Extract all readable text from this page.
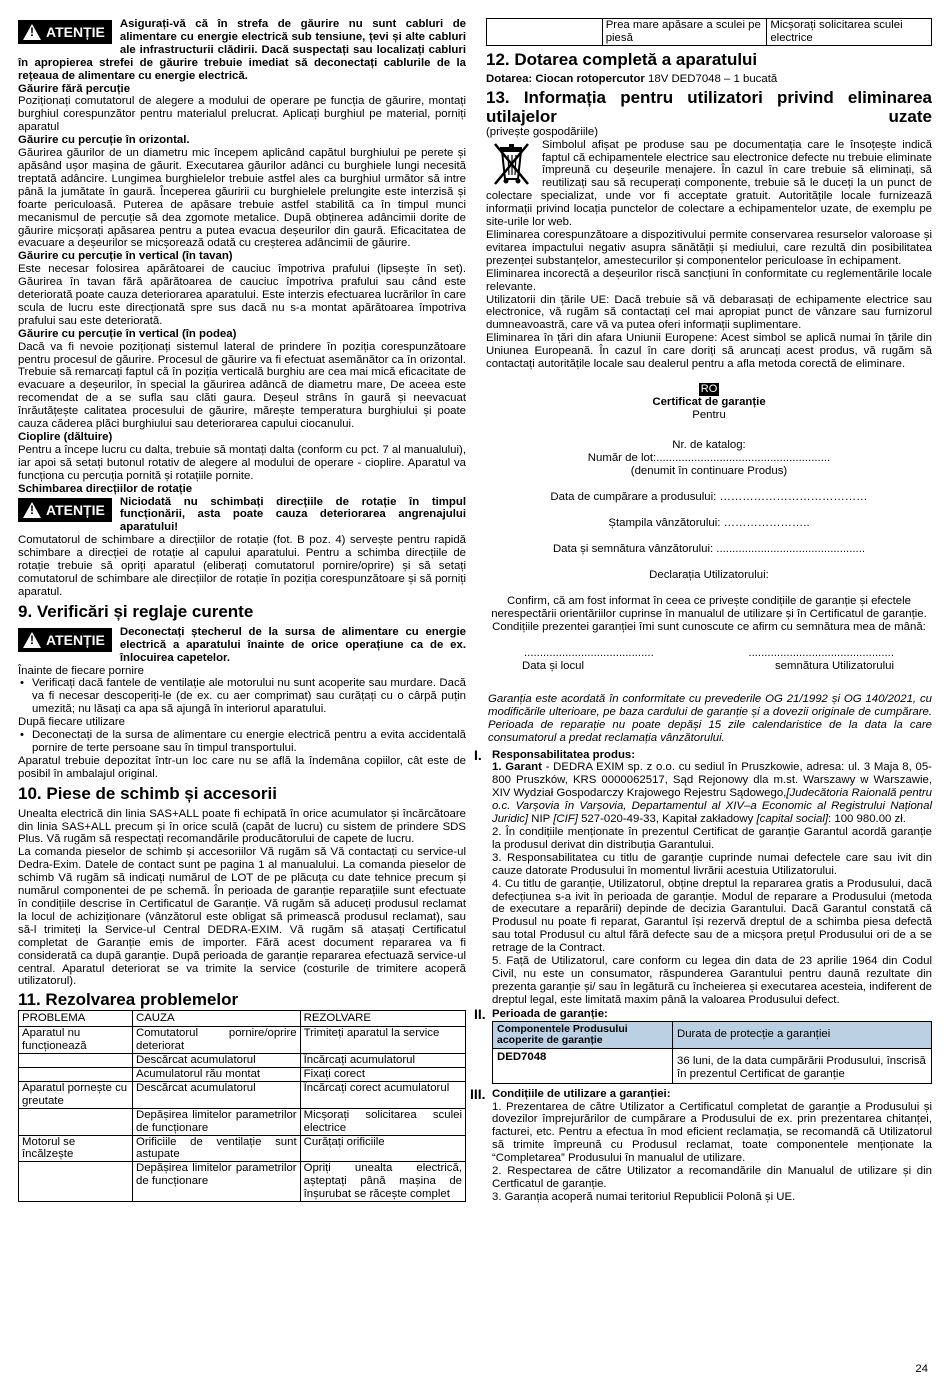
! ATENȚIE Asigurați-vă că în strefa de găurire nu sunt cabluri de alimentare cu energie electrică sub tensiune, țevi și alte cabluri ale infrastructurii clădirii. Dacă suspectați sau localizați cabluri în apropierea strefei de găurire trebuie imediat să deconectați cablurile de la rețeaua de alimentare cu energie electrică.
Găurire fără percuție
Poziționați comutatorul de alegere a modului de operare pe funcția de găurire, montați burghiul corespunzător pentru materialul prelucrat. Aplicați burghiul pe material, porniți aparatul
Găurire cu percuție în orizontal.
Găurirea găurilor de un diametru mic începem aplicând capătul burghiului pe perete și apăsând ușor mașina de găurit. Executarea găurilor adânci cu burghiele lungi necesită treptată adâncire. Lungimea burghielelor trebuie astfel ales ca burghiul următor să intre până la jumătate în gaură. Începerea găuririi cu burghielele prelungite este interzisă și foarte periculoasă. Puterea de apăsare trebuie astfel stabilită ca în timpul munci mecanismul de percuție să dea zgomote metalice. După obținerea adâncimii dorite de găurire micșorați apăsarea pentru a putea evacua deșeurilor din gaură. Eficacitatea de evacuare a deșeurilor se micșorează odată cu creșterea adâncimii de găurire.
Găurire cu percuție în vertical (în tavan)
Este necesar folosirea apărătoarei de cauciuc împotriva prafului (lipsește în set). Găurirea în tavan fără apărătoarea de cauciuc împotriva prafului sau când este deteriorată poate cauza deteriorarea aparatului. Este interzis efectuarea lucrărilor în care scula de lucru este direcționată spre sus dacă nu s-a montat apărătoarea împotriva prafului sau este deteriorată.
Găurire cu percuție în vertical (în podea)
Dacă va fi nevoie poziționați sistemul lateral de prindere în poziția corespunzătoare pentru procesul de găurire. Procesul de găurire va fi efectuat asemănător ca în orizontal. Trebuie să remarcați faptul că în poziția verticală burghiu are cea mai mică eficacitate de evacuare a deșeurilor, în special la găurirea adâncă de diametru mare, De aceea este recomendat de a se sufla sau clăti gaura. Deșeul strâns în gaură și neevacuat înrăutățește calitatea procesului de găurire, mărește temperatura burghiului și poate cauza căderea plăci burghiului sau deteriorarea capului ciocanului.
Cioplire (dăltuire)
Pentru a începe lucru cu dalta, trebuie să montați dalta (conform cu pct. 7 al manualului), iar apoi să setați butonul rotativ de alegere al modului de operare - cioplire. Aparatul va funcționa cu percuția pornită și rotațiile pornite.
Schimbarea direcțiilor de rotație
! ATENȚIE Niciodată nu schimbați direcțiile de rotație în timpul funcționării, asta poate cauza deteriorarea angrenajului aparatului!
Comutatorul de schimbare a direcțiilor de rotație (fot. B poz. 4) servește pentru rapidă schimbare a direcției de rotație al capului aparatului. Pentru a schimba direcțiile de rotație trebuie să opriți aparatul (eliberați comutatorul pornire/oprire) și să setați comutatorul de schimbare ale direcțiilor de rotație în poziția corespunzătoare și să porniți aparatul.
9. Verificări și reglaje curente
! ATENȚIE Deconectați ștecherul de la sursa de alimentare cu energie electrică a aparatului înainte de orice operațiune ca de ex. înlocuirea capetelor.
Înainte de fiecare pornire
• Verificați dacă fantele de ventilație ale motorului nu sunt acoperite sau murdare. Dacă va fi necesar descoperiți-le (de ex. cu aer comprimat) sau curățați cu o cârpă puțin umezită; nu lăsați ca apa să ajungă în interiorul aparatului.
După fiecare utilizare
• Deconectați de la sursa de alimentare cu energie electrică pentru a evita accidentală pornire de terte persoane sau în timpul transportului.
Aparatul trebuie depozitat într-un loc care nu se află la îndemâna copiilor, cât este de posibil în ambalajul original.
10. Piese de schimb și accesorii
Unealta electrică din linia SAS+ALL poate fi echipată în orice acumulator și încărcătoare din linia SAS+ALL precum și în orice sculă (capăt de lucru) cu sistem de prindere SDS Plus. Vă rugăm să respectați recomandările producătorului de capete de lucru.
La comanda pieselor de schimb și accesoriilor Vă rugăm să Vă contactați cu service-ul Dedra-Exim. Datele de contact sunt pe pagina 1 al manualului. La comanda pieselor de schimb Vă rugăm să indicați numărul de LOT de pe plăcuța cu date tehnice precum și numărul componentei de pe schemă. În perioada de garanție reparațiile sunt efectuate în condițiile descrise în Certificatul de Garanție. Vă rugăm să aduceți produsul reclamat la locul de achiziționare (vânzătorul este obligat să primească produsul reclamat), sau să-l trimiteți la Service-ul Central DEDRA-EXIM. Vă rugăm să atașați Certificatul completat de Garanție emis de importer. Fără acest document repararea va fi considerată ca după garanție. După perioada de garanție repararea efectuază service-ul central. Aparatul deteriorat se va trimite la service (costurile de trimitere acoperă utilizatorul).
11. Rezolvarea problemelor
PROBLEMA	CAUZA	REZOLVARE
Aparatul nu funcționează	Comutatorul pornire/oprire deteriorat	Trimiteți aparatul la service
	Descărcat acumulatorul	Încărcați acumulatorul
	Acumulatorul rău montat	Fixați corect
Aparatul pornește cu greutate	Descărcat acumulatorul	Încărcați corect acumulatorul
	Depășirea limitelor parametrilor de funcționare	Micșorați solicitarea sculei electrice
Motorul se încălzește	Orificiile de ventilație sunt astupate	Curățați orificiile
	Depășirea limitelor parametrilor de funcționare	Opriți unealta electrică, așteptați până mașina de înșurubat se răcește complet
	Prea mare apăsare a sculei pe piesă	Micșorați solicitarea sculei electrice
12. Dotarea completă a aparatului
Dotarea: Ciocan rotopercutor 18V DED7048 – 1 bucată
13. Informația pentru utilizatori privind eliminarea utilajelor uzate
(privește gospodăriile)
Simbolul afișat pe produse sau pe documentația care le însoțește indică faptul că echipamentele electrice sau electronice defecte nu trebuie eliminate împreună cu deșeurile menajere. În cazul în care trebuie să eliminați, să reutilizați sau să recuperați componente, trebuie să le duceți la un punct de colectare specializat, unde vor fi acceptate gratuit. Autoritățile locale furnizează informații privind locația punctelor de colectare a echipamentelor uzate, de exemplu pe site-urile lor web.
Eliminarea corespunzătoare a dispozitivului permite conservarea resurselor valoroase și evitarea impactului negativ asupra sănătății și mediului, care rezultă din posibilitatea prezenței substanțelor, amestecurilor și componentelor periculoase în echipament.
Eliminarea incorectă a deșeurilor riscă sancțiuni în conformitate cu reglementările locale relevante.
Utilizatorii din țările UE: Dacă trebuie să vă debarasați de echipamente electrice sau electronice, vă rugăm să contactați cel mai apropiat punct de vânzare sau furnizorul dumneavoastră, care vă va putea oferi informații suplimentare.
Eliminarea în țări din afara Uniunii Europene: Acest simbol se aplică numai în țările din Uniunea Europeană. În cazul în care doriți să aruncați acest produs, vă rugăm să contactați autoritățile locale sau dealerul pentru a afla metoda corectă de eliminare.
RO
Certificat de garanție
Pentru
Nr. de katalog:
Număr de lot:.......................................................
(denumit în continuare Produs)
Data de cumpărare a produsului: …………………………………
Ștampila vânzătorului: …………………..
Data și semnătura vânzătorului: ...............................................
Declarația Utilizatorului:
Confirm, că am fost informat în ceea ce privește condițiile de garanție și efectele nerespectării orientăriilor cuprinse în manualul de utilizare și în Certificatul de garanție. Condițiile prezentei garanției îmi sunt cunoscute ce afirm cu semnătura mea de mână:
.........................................	..............................................
Data și locul	semnătura Utilizatorului
Garanția este acordată în conformitate cu prevederile OG 21/1992 și OG 140/2021, cu modificările ulterioare, pe baza cardului de garanție și a dovezii originale de cumpărare. Perioada de reparație nu poate depăși 15 zile calendaristice de la data la care consumatorul a predat reclamația vânzătorului.
I. Responsabilitatea produs:
1. Garant - DEDRA EXIM sp. z o.o. cu sediul în Pruszkowie, adresa: ul. 3 Maja 8, 05-800 Pruszków, KRS 0000062517, Sąd Rejonowy dla m.st. Warszawy w Warszawie, XIV Wydział Gospodarczy Krajowego Rejestru Sądowego,[Judecătoria Raională pentru o.c. Varșovia în Varșovia, Departamentul al XIV–a Economic al Registrului Național Juridic] NIP [CIF] 527-020-49-33, Kapitał zakładowy [capital social]: 100 980.00 zł.
2. În condițiile menționate în prezentul Certificat de garanție Garantul acordă garanție la produsul derivat din distribuția Garantului.
3. Responsabilitatea cu titlu de garanție cuprinde numai defectele care sau ivit din cauze datorate Produsului în momentul livrării acestuia Utilizatorului.
4. Cu titlu de garanție, Utilizatorul, obține dreptul la repararea gratis a Produsului, dacă defecțiunea s-a ivit în perioada de garanție. Modul de reparare a Produsului (metoda de executare a reparării) depinde de decizia Garantului. Dacă Garantul constată că Produsul nu poate fi reparat, Garantul își rezervă dreptul de a schimba piesa defectă sau total Produsul cu altul fără defecte sau de a micșora prețul Produsului ori de a se retrage de la Contract.
5. Față de Utilizatorul, care conform cu legea din data de 23 aprilie 1964 din Codul Civil, nu este un consumator, răspunderea Garantului pentru daună rezultate din prezenta garanție și/ sau în legătură cu încheierea și executarea acesteia, indiferent de dreptul legal, este limitată maxim până la valoarea Produsului defect.
II. Perioada de garanție:
Componentele Produsului acoperite de garanție	Durata de protecție a garanției
DED7048	36 luni, de la data cumpărării Produsului, înscrisă în prezentul Certificat de garanție
III. Condițiile de utilizare a garanției:
1. Prezentarea de către Utilizator a Certificatul completat de garanție a Produsului și dovezilor împrejurărilor de cumpărare a Produsului de ex. prin prezentarea chitanței, facturei, etc. Pentru a efectua în mod eficient reclamația, se recomandă că Utilizatorul să trimite împreună cu Produsul reclamat, toate componentele menționate la “Completarea” Produsului în manualul de utilizare.
2. Respectarea de către Utilizator a recomandările din Manualul de utilizare și din Certficatul de garanție.
3. Garanția acoperă numai teritoriul Republicii Polonă și UE.
24
